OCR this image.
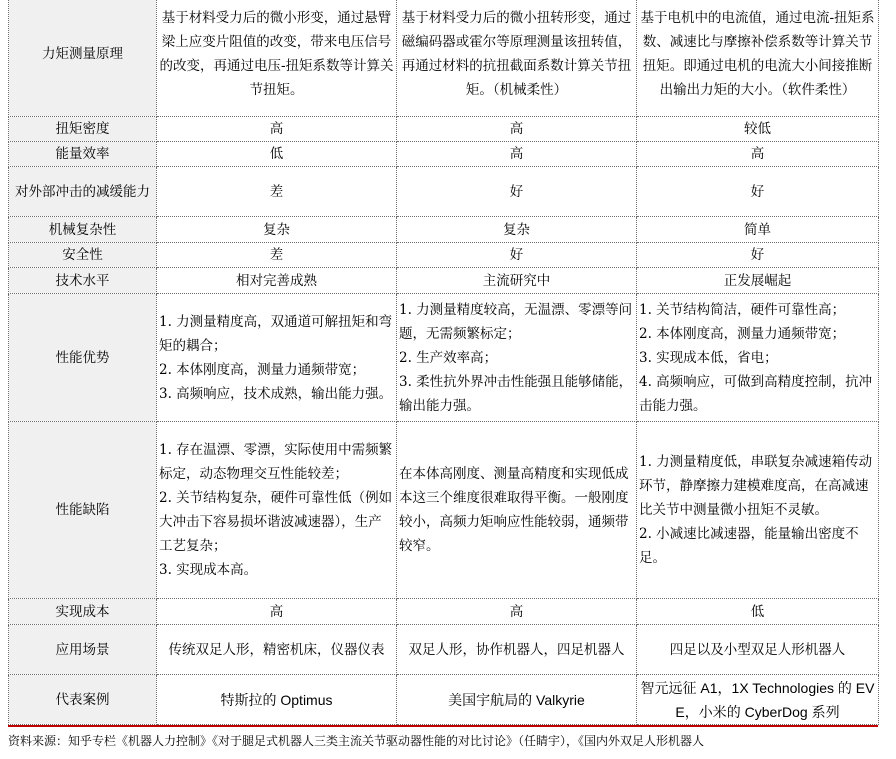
力矩测量原理	基于材料受力后的微小形变，通过悬臂梁上应变片阻值的改变，带来电压信号的改变，再通过电压-扭矩系数等计算关节扭矩。	基于材料受力后的微小扭转形变，通过磁编码器或霍尔等原理测量该扭转值，再通过材料的抗扭截面系数计算关节扭矩。（机械柔性）	基于电机中的电流值，通过电流-扭矩系数、减速比与摩擦补偿系数等计算关节扭矩。即通过电机的电流大小间接推断出输出力矩的大小。（软件柔性）
扭矩密度	高	高	较低
能量效率	低	高	高
对外部冲击的减缓能力	差	好	好
机械复杂性	复杂	复杂	简单
安全性	差	好	好
技术水平	相对完善成熟	主流研究中	正发展崛起
性能优势	1. 力测量精度高，双通道可解扭矩和弯矩的耦合；
2. 本体刚度高，测量力通频带宽；
3. 高频响应，技术成熟，输出能力强。	1. 力测量精度较高，无温漂、零漂等问题，无需频繁标定；
2. 生产效率高；
3. 柔性抗外界冲击性能强且能够储能，输出能力强。	1. 关节结构简洁，硬件可靠性高；
2. 本体刚度高，测量力通频带宽；
3. 实现成本低，省电；
4. 高频响应，可做到高精度控制，抗冲击能力强。
性能缺陷	1. 存在温漂、零漂，实际使用中需频繁标定，动态物理交互性能较差；
2. 关节结构复杂，硬件可靠性低（例如大冲击下容易损坏谐波减速器），生产工艺复杂；
3. 实现成本高。	在本体高刚度、测量高精度和实现低成本这三个维度很难取得平衡。一般刚度较小，高频力矩响应性能较弱，通频带较窄。	1. 力测量精度低，串联复杂减速箱传动环节，静摩擦力建模难度高，在高减速比关节中测量微小扭矩不灵敏。
2. 小减速比减速器，能量输出密度不足。
实现成本	高	高	低
应用场景	传统双足人形，精密机床，仪器仪表	双足人形，协作机器人，四足机器人	四足以及小型双足人形机器人
代表案例	特斯拉的 Optimus	美国宇航局的 Valkyrie	智元远征 A1，1X Technologies 的 EVE，小米的 CyberDog 系列
资料来源：知乎专栏《机器人力控制》《对于腿足式机器人三类主流关节驱动器性能的对比讨论》（任睛宇），《国内外双足人形机器人
